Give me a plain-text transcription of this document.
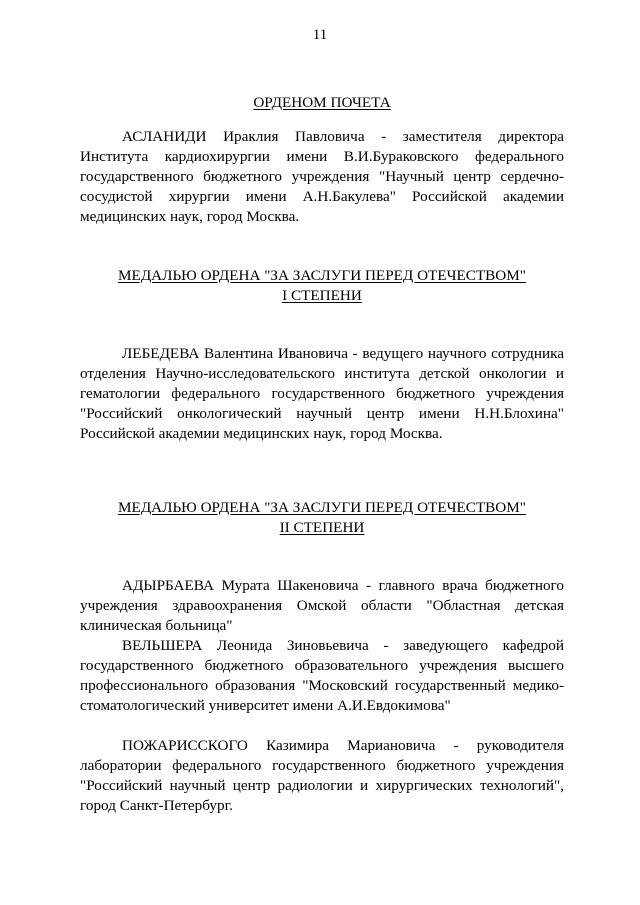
11
ОРДЕНОМ ПОЧЕТА

АСЛАНИДИ Ираклия Павловича - заместителя директора Института кардиохирургии имени В.И.Бураковского федерального государственного бюджетного учреждения "Научный центр сердечно-сосудистой хирургии имени А.Н.Бакулева" Российской академии медицинских наук, город Москва.

МЕДАЛЬЮ ОРДЕНА "ЗА ЗАСЛУГИ ПЕРЕД ОТЕЧЕСТВОМ"
I СТЕПЕНИ

ЛЕБЕДЕВА Валентина Ивановича - ведущего научного сотрудника отделения Научно-исследовательского института детской онкологии и гематологии федерального государственного бюджетного учреждения "Российский онкологический научный центр имени Н.Н.Блохина" Российской академии медицинских наук, город Москва.

МЕДАЛЬЮ ОРДЕНА "ЗА ЗАСЛУГИ ПЕРЕД ОТЕЧЕСТВОМ"
II СТЕПЕНИ

АДЫРБАЕВА Мурата Шакеновича - главного врача бюджетного учреждения здравоохранения Омской области "Областная детская клиническая больница"

ВЕЛЬШЕРА Леонида Зиновьевича - заведующего кафедрой государственного бюджетного образовательного учреждения высшего профессионального образования "Московский государственный медико-стоматологический университет имени А.И.Евдокимова"

ПОЖАРИССКОГО Казимира Мариановича - руководителя лаборатории федерального государственного бюджетного учреждения "Российский научный центр радиологии и хирургических технологий", город Санкт-Петербург.
